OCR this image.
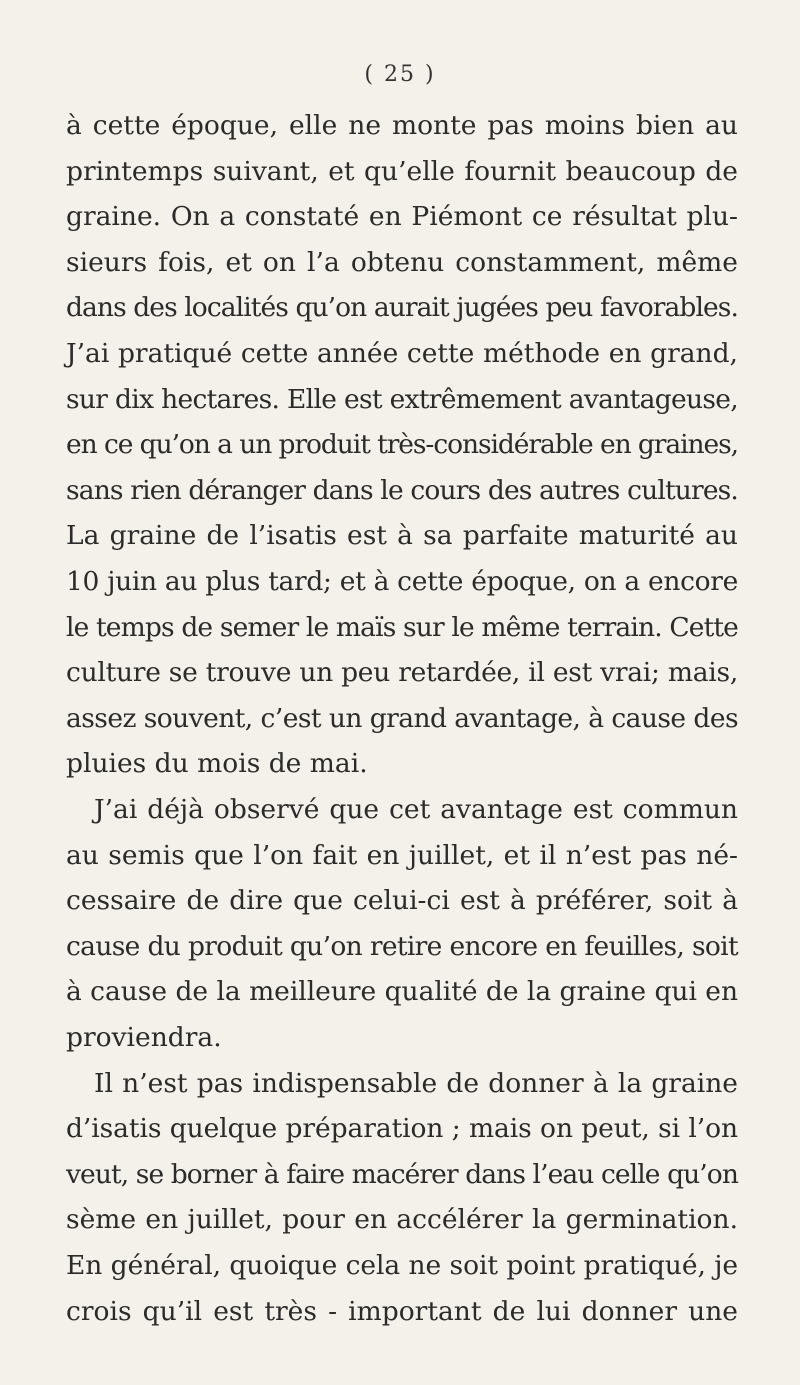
( 25 )
à cette époque, elle ne monte pas moins bien au
printemps suivant, et qu’elle fournit beaucoup de
graine. On a constaté en Piémont ce résultat plu-
sieurs fois, et on l’a obtenu constamment, même
dans des localités qu’on aurait jugées peu favorables.
J’ai pratiqué cette année cette méthode en grand,
sur dix hectares. Elle est extrêmement avantageuse,
en ce qu’on a un produit très-considérable en graines,
sans rien déranger dans le cours des autres cultures.
La graine de l’isatis est à sa parfaite maturité au
10 juin au plus tard; et à cette époque, on a encore
le temps de semer le maïs sur le même terrain. Cette
culture se trouve un peu retardée, il est vrai; mais,
assez souvent, c’est un grand avantage, à cause des
pluies du mois de mai.
J’ai déjà observé que cet avantage est commun
au semis que l’on fait en juillet, et il n’est pas né-
cessaire de dire que celui-ci est à préférer, soit à
cause du produit qu’on retire encore en feuilles, soit
à cause de la meilleure qualité de la graine qui en
proviendra.
Il n’est pas indispensable de donner à la graine
d’isatis quelque préparation ; mais on peut, si l’on
veut, se borner à faire macérer dans l’eau celle qu’on
sème en juillet, pour en accélérer la germination.
En général, quoique cela ne soit point pratiqué, je
crois qu’il est très - important de lui donner une
